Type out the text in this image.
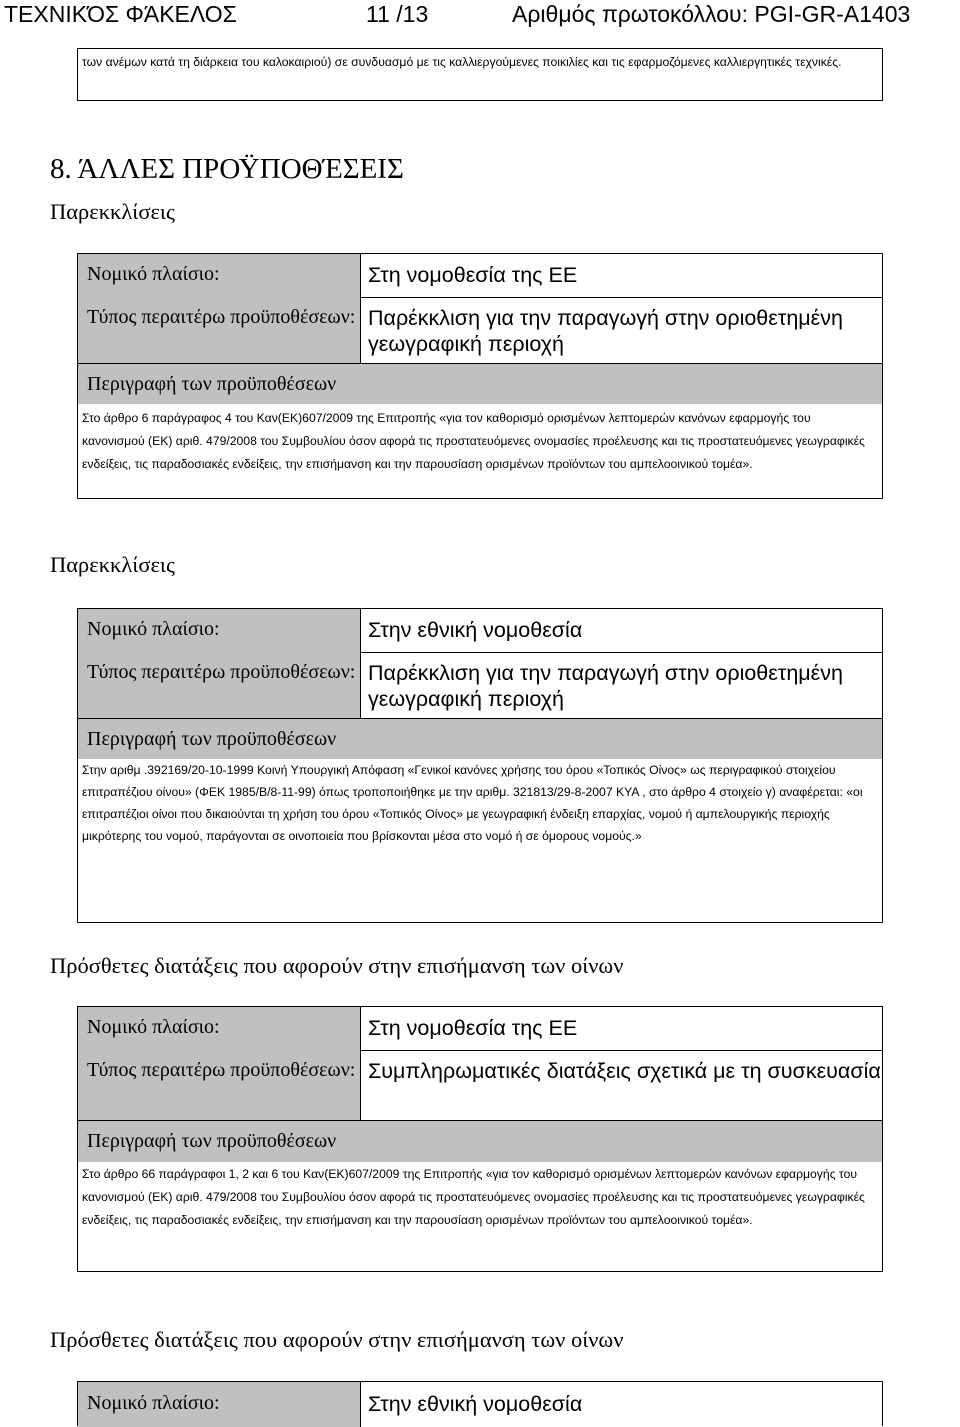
ΤΕΧΝΙΚΌΣ ΦΆΚΕΛΟΣ	11 /13	Αριθμός πρωτοκόλλου: PGI-GR-A1403
των ανέμων κατά τη διάρκεια του καλοκαιριού) σε συνδυασμό με τις καλλιεργούμενες ποικιλίες και τις εφαρμοζόμενες καλλιεργητικές τεχνικές.
8. ΆΛΛΕΣ ΠΡΟΫΠΟΘΈΣΕΙΣ
Παρεκκλίσεις
Νομικό πλαίσιο:	Στη νομοθεσία της ΕΕ
Τύπος περαιτέρω προϋποθέσεων: Παρέκκλιση για την παραγωγή στην οριοθετημένη γεωγραφική περιοχή
Περιγραφή των προϋποθέσεων
Στο άρθρο 6 παράγραφος 4 του Καν(ΕΚ)607/2009 της Επιτροπής «για τον καθορισμό ορισμένων λεπτομερών κανόνων εφαρμογής του κανονισμού (ΕΚ) αριθ. 479/2008 του Συμβουλίου όσον αφορά τις προστατευόμενες ονομασίες προέλευσης και τις προστατευόμενες γεωγραφικές ενδείξεις, τις παραδοσιακές ενδείξεις, την επισήμανση και την παρουσίαση ορισμένων προϊόντων του αμπελοοινικού τομέα».
Παρεκκλίσεις
Νομικό πλαίσιο:	Στην εθνική νομοθεσία
Τύπος περαιτέρω προϋποθέσεων: Παρέκκλιση για την παραγωγή στην οριοθετημένη γεωγραφική περιοχή
Περιγραφή των προϋποθέσεων
Στην αριθμ .392169/20-10-1999 Κοινή Υπουργική Απόφαση «Γενικοί κανόνες χρήσης του όρου «Τοπικός Οίνος» ως περιγραφικού στοιχείου επιτραπέζιου οίνου» (ΦΕΚ 1985/Β/8-11-99) όπως τροποποιήθηκε με την αριθμ. 321813/29-8-2007 ΚΥΑ , στο άρθρο 4 στοιχείο γ) αναφέρεται: «οι επιτραπέζιοι οίνοι που δικαιούνται τη χρήση του όρου «Τοπικός Οίνος» με γεωγραφική ένδειξη επαρχίας, νομού ή αμπελουργικής περιοχής μικρότερης του νομού, παράγονται σε οινοποιεία που βρίσκονται μέσα στο νομό ή σε όμορους νομούς.»
Πρόσθετες διατάξεις που αφορούν στην επισήμανση των οίνων
Νομικό πλαίσιο:	Στη νομοθεσία της ΕΕ
Τύπος περαιτέρω προϋποθέσεων: Συμπληρωματικές διατάξεις σχετικά με τη συσκευασία
Περιγραφή των προϋποθέσεων
Στο άρθρο 66 παράγραφοι 1, 2 και 6 του Καν(ΕΚ)607/2009 της Επιτροπής «για τον καθορισμό ορισμένων λεπτομερών κανόνων εφαρμογής του κανονισμού (ΕΚ) αριθ. 479/2008 του Συμβουλίου όσον αφορά τις προστατευόμενες ονομασίες προέλευσης και τις προστατευόμενες γεωγραφικές ενδείξεις, τις παραδοσιακές ενδείξεις, την επισήμανση και την παρουσίαση ορισμένων προϊόντων του αμπελοοινικού τομέα».
Πρόσθετες διατάξεις που αφορούν στην επισήμανση των οίνων
Νομικό πλαίσιο:	Στην εθνική νομοθεσία
